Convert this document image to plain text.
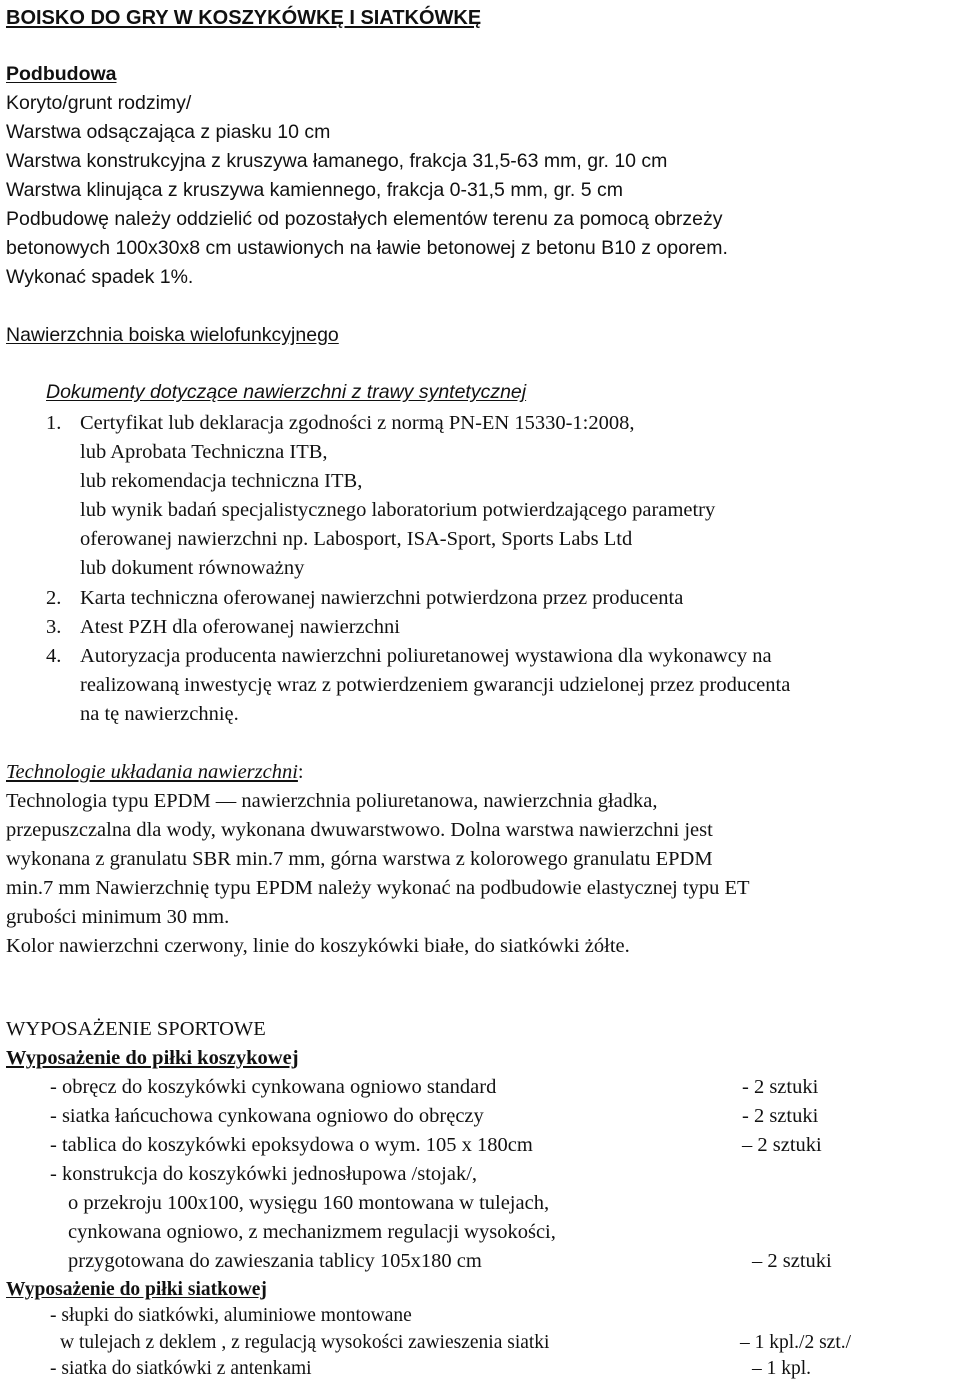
BOISKO DO GRY W KOSZYKÓWKĘ I SIATKÓWKĘ
Podbudowa
Koryto/grunt rodzimy/
Warstwa odsączająca z piasku 10 cm
Warstwa konstrukcyjna z kruszywa łamanego, frakcja 31,5-63 mm, gr. 10 cm
Warstwa klinująca z kruszywa kamiennego, frakcja 0-31,5 mm, gr. 5 cm
Podbudowę należy oddzielić od pozostałych elementów terenu za pomocą obrzeży
betonowych 100x30x8 cm ustawionych na ławie betonowej z betonu B10 z oporem.
Wykonać spadek 1%.
Nawierzchnia boiska wielofunkcyjnego
Dokumenty dotyczące nawierzchni z trawy syntetycznej
1. Certyfikat lub deklaracja zgodności z normą PN-EN 15330-1:2008,
lub Aprobata Techniczna ITB,
lub rekomendacja techniczna ITB,
lub wynik badań specjalistycznego laboratorium potwierdzającego parametry
oferowanej nawierzchni np. Labosport, ISA-Sport, Sports Labs Ltd
lub dokument równoważny
2. Karta techniczna oferowanej nawierzchni potwierdzona przez producenta
3. Atest PZH dla oferowanej nawierzchni
4. Autoryzacja producenta nawierzchni poliuretanowej wystawiona dla wykonawcy na
realizowaną inwestycję wraz z potwierdzeniem gwarancji udzielonej przez producenta
na tę nawierzchnię.
Technologie układania nawierzchni:
Technologia typu EPDM — nawierzchnia poliuretanowa, nawierzchnia gładka,
przepuszczalna dla wody, wykonana dwuwarstwowo. Dolna warstwa nawierzchni jest
wykonana z granulatu SBR min.7 mm, górna warstwa z kolorowego granulatu EPDM
min.7 mm Nawierzchnię typu EPDM należy wykonać na podbudowie elastycznej typu ET
grubości minimum 30 mm.
Kolor nawierzchni czerwony, linie do koszykówki białe, do siatkówki żółte.
WYPOSAŻENIE SPORTOWE
Wyposażenie do piłki koszykowej
- obręcz do koszykówki cynkowana ogniowo standard	- 2 sztuki
- siatka łańcuchowa cynkowana ogniowo do obręczy	- 2 sztuki
- tablica do koszykówki epoksydowa o wym. 105 x 180cm	– 2 sztuki
- konstrukcja do koszykówki jednosłupowa /stojak/,
o przekroju 100x100, wysięgu 160 montowana w tulejach,
cynkowana ogniowo, z mechanizmem regulacji wysokości,
przygotowana do zawieszania tablicy 105x180 cm	– 2 sztuki
Wyposażenie do piłki siatkowej
- słupki do siatkówki, aluminiowe montowane
w tulejach z deklem , z regulacją wysokości zawieszenia siatki	– 1 kpl./2 szt./
- siatka do siatkówki z antenkami	– 1 kpl.
